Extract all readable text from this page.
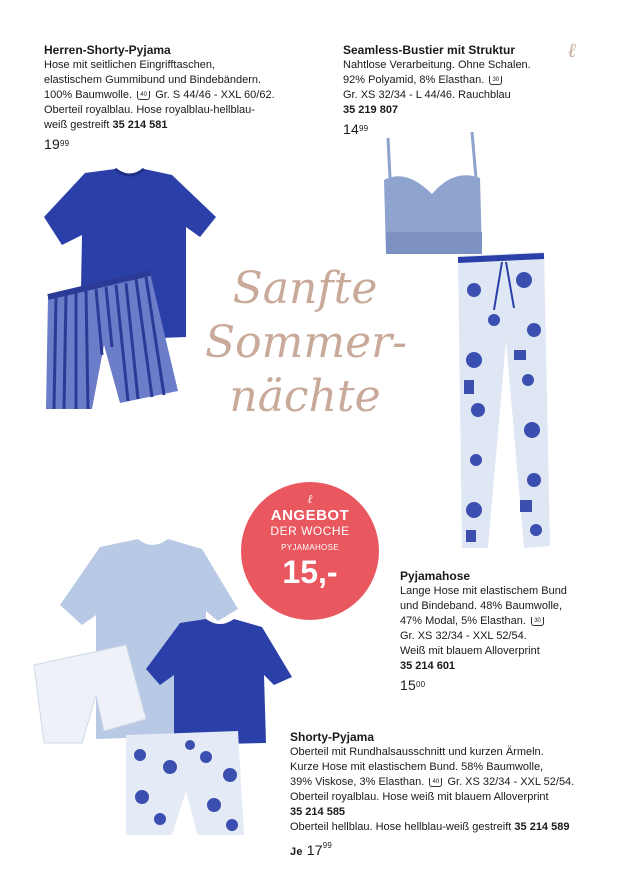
ℓ
Herren-Shorty-Pyjama
Hose mit seitlichen Eingrifftaschen,
elastischem Gummibund und Bindebändern.
100% Baumwolle. 40 Gr. S 44/46 - XXL 60/62.
Oberteil royalblau. Hose royalblau-hellblau-
weiß gestreift 35 214 581
$19^{99}$
Seamless-Bustier mit Struktur
Nahtlose Verarbeitung. Ohne Schalen.
92% Polyamid, 8% Elasthan. 30
Gr. XS 32/34 - L 44/46. Rauchblau
35 219 807
$14^{99}$
Sanfte
Sommer-
nächte
ℓ
ANGEBOT
DER WOCHE
PYJAMAHOSE
15,-	Pyjamahose
Lange Hose mit elastischem Bund
und Bindeband. 48% Baumwolle,
47% Modal, 5% Elasthan. 30
Gr. XS 32/34 - XXL 52/54.
Weiß mit blauem Alloverprint
35 214 601
$15^{00}$
Shorty-Pyjama
Oberteil mit Rundhalsausschnitt und kurzen Ärmeln.
Kurze Hose mit elastischem Bund. 58% Baumwolle,
39% Viskose, 3% Elasthan. 40 Gr. XS 32/34 - XXL 52/54.
Oberteil royalblau. Hose weiß mit blauem Alloverprint
35 214 585
Oberteil hellblau. Hose hellblau-weiß gestreift 35 214 589
Je $17^{99}$
